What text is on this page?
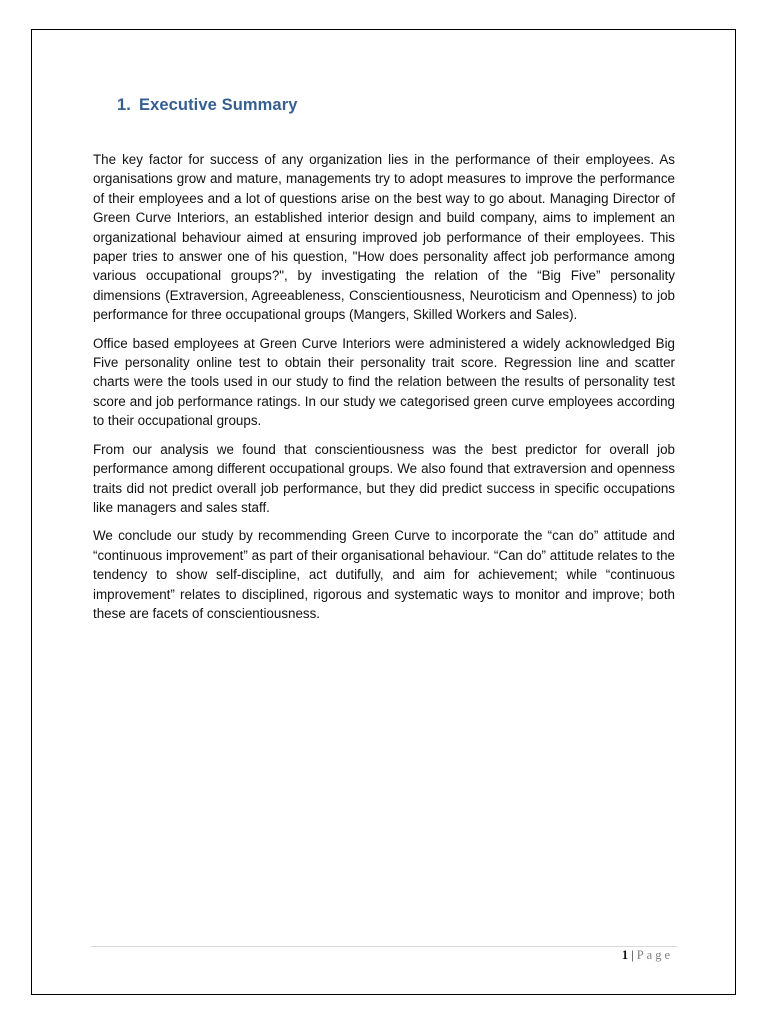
1. Executive Summary

The key factor for success of any organization lies in the performance of their employees. As organisations grow and mature, managements try to adopt measures to improve the performance of their employees and a lot of questions arise on the best way to go about. Managing Director of Green Curve Interiors, an established interior design and build company, aims to implement an organizational behaviour aimed at ensuring improved job performance of their employees. This paper tries to answer one of his question, "How does personality affect job performance among various occupational groups?", by investigating the relation of the “Big Five” personality dimensions (Extraversion, Agreeableness, Conscientiousness, Neuroticism and Openness) to job performance for three occupational groups (Mangers, Skilled Workers and Sales).

Office based employees at Green Curve Interiors were administered a widely acknowledged Big Five personality online test to obtain their personality trait score. Regression line and scatter charts were the tools used in our study to find the relation between the results of personality test score and job performance ratings. In our study we categorised green curve employees according to their occupational groups.

From our analysis we found that conscientiousness was the best predictor for overall job performance among different occupational groups. We also found that extraversion and openness traits did not predict overall job performance, but they did predict success in specific occupations like managers and sales staff.

We conclude our study by recommending Green Curve to incorporate the “can do” attitude and “continuous improvement” as part of their organisational behaviour. “Can do” attitude relates to the tendency to show self-discipline, act dutifully, and aim for achievement; while “continuous improvement” relates to disciplined, rigorous and systematic ways to monitor and improve; both these are facets of conscientiousness.

1 | Page
